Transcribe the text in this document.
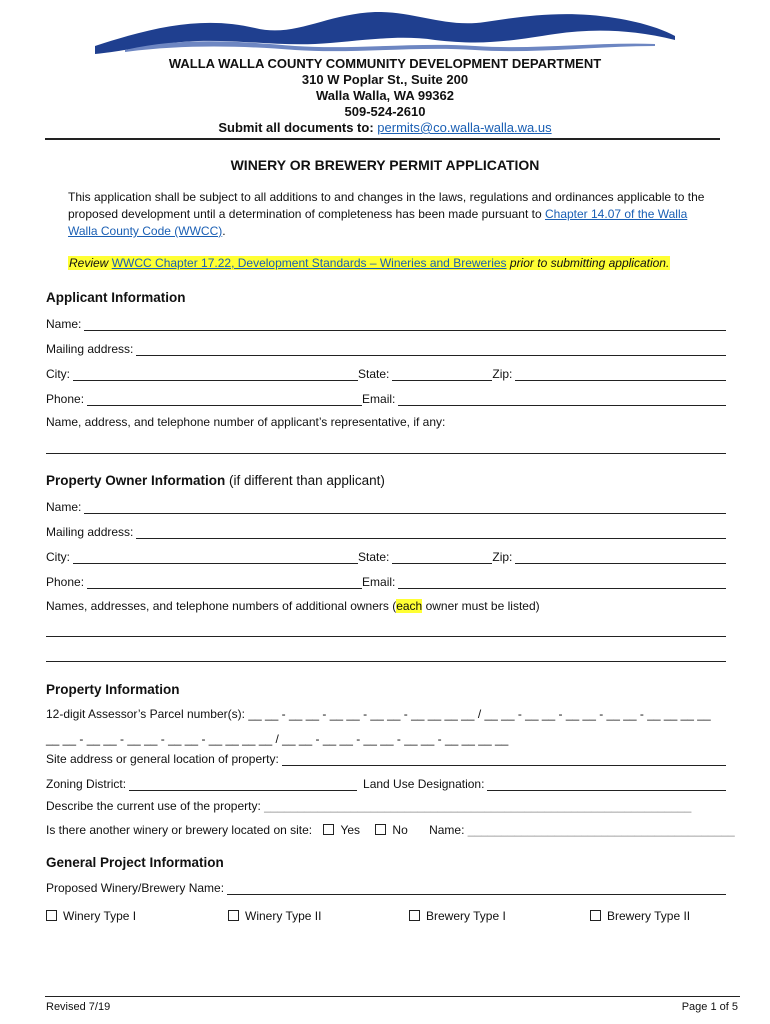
WALLA WALLA COUNTY COMMUNITY DEVELOPMENT DEPARTMENT
310 W Poplar St., Suite 200
Walla Walla, WA 99362
509-524-2610
Submit all documents to: permits@co.walla-walla.wa.us
WINERY OR BREWERY PERMIT APPLICATION
This application shall be subject to all additions to and changes in the laws, regulations and ordinances applicable to the proposed development until a determination of completeness has been made pursuant to Chapter 14.07 of the Walla Walla County Code (WWCC).
Review WWCC Chapter 17.22, Development Standards – Wineries and Breweries prior to submitting application.
Applicant Information
Name:
Mailing address:
City:	State:	Zip:
Phone:	Email:
Name, address, and telephone number of applicant’s representative, if any:
Property Owner Information (if different than applicant)
Name:
Mailing address:
City:	State:	Zip:
Phone:	Email:
Names, addresses, and telephone numbers of additional owners (each owner must be listed)
Property Information
12-digit Assessor’s Parcel number(s): __ __ - __ __ - __ __ - __ __ - __ __ __ __ / __ __ - __ __ - __ __ - __ __ - __ __ __ __
__ __ - __ __ - __ __ - __ __ - __ __ __ __ / __ __ - __ __ - __ __ - __ __ - __ __ __ __
Site address or general location of property:
Zoning District:	Land Use Designation:
Describe the current use of the property: ________________________________________________________________
Is there another winery or brewery located on site: Yes	No Name: ________________________________________
General Project Information
Proposed Winery/Brewery Name:
Winery Type I	Winery Type II	Brewery Type I	Brewery Type II
Revised 7/19	Page 1 of 5
